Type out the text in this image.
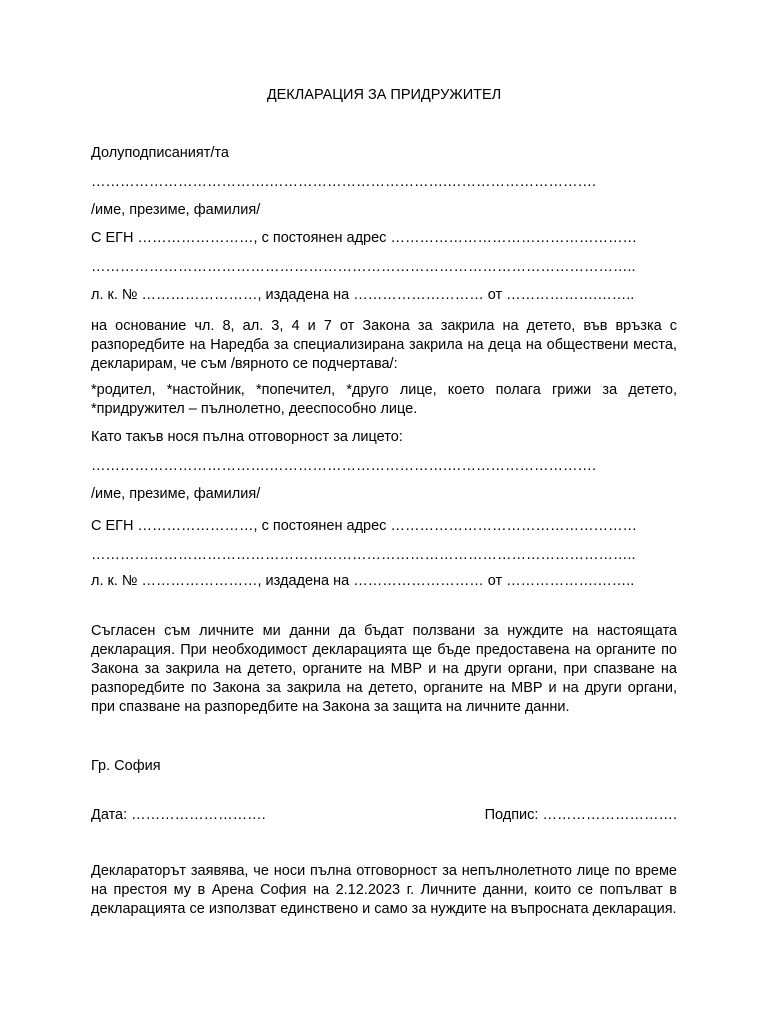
ДЕКЛАРАЦИЯ ЗА ПРИДРУЖИТЕЛ

Долуподписаният/та

……………………………….……………………………….………………………….

/име, презиме, фамилия/

С ЕГН ……………………, с постоянен адрес ……………………………………………

…………………………………………………………………………………………………..

л. к. № ……………………, издадена на ……………………… от ……………….……..

на основание чл. 8, ал. 3, 4 и 7 от Закона за закрила на детето, във връзка с разпоредбите на Наредба за специализирана закрила на деца на обществени места, декларирам, че съм /вярното се подчертава/:

*родител, *настойник, *попечител, *друго лице, което полага грижи за детето, *придружител – пълнолетно, дееспособно лице.

Като такъв нося пълна отговорност за лицето:

……………………………….……………………………….………………………….

/име, презиме, фамилия/

С ЕГН ……………………, с постоянен адрес ……………………………………………

…………………………………………………………………………………………………..

л. к. № ……………………, издадена на ……………………… от ……………….……..

Съгласен съм личните ми данни да бъдат ползвани за нуждите на настоящата декларация. При необходимост декларацията ще бъде предоставена на органите по Закона за закрила на детето, органите на МВР и на други органи, при спазване на разпоредбите по Закона за закрила на детето, органите на МВР и на други органи, при спазване на разпоредбите на Закона за защита на личните данни.

Гр. София

Дата: ……………………….	Подпис: ……………………….

Деклараторът заявява, че носи пълна отговорност за непълнолетното лице по време на престоя му в Арена София на 2.12.2023 г. Личните данни, които се попълват в декларацията се използват единствено и само за нуждите на въпросната декларация.
